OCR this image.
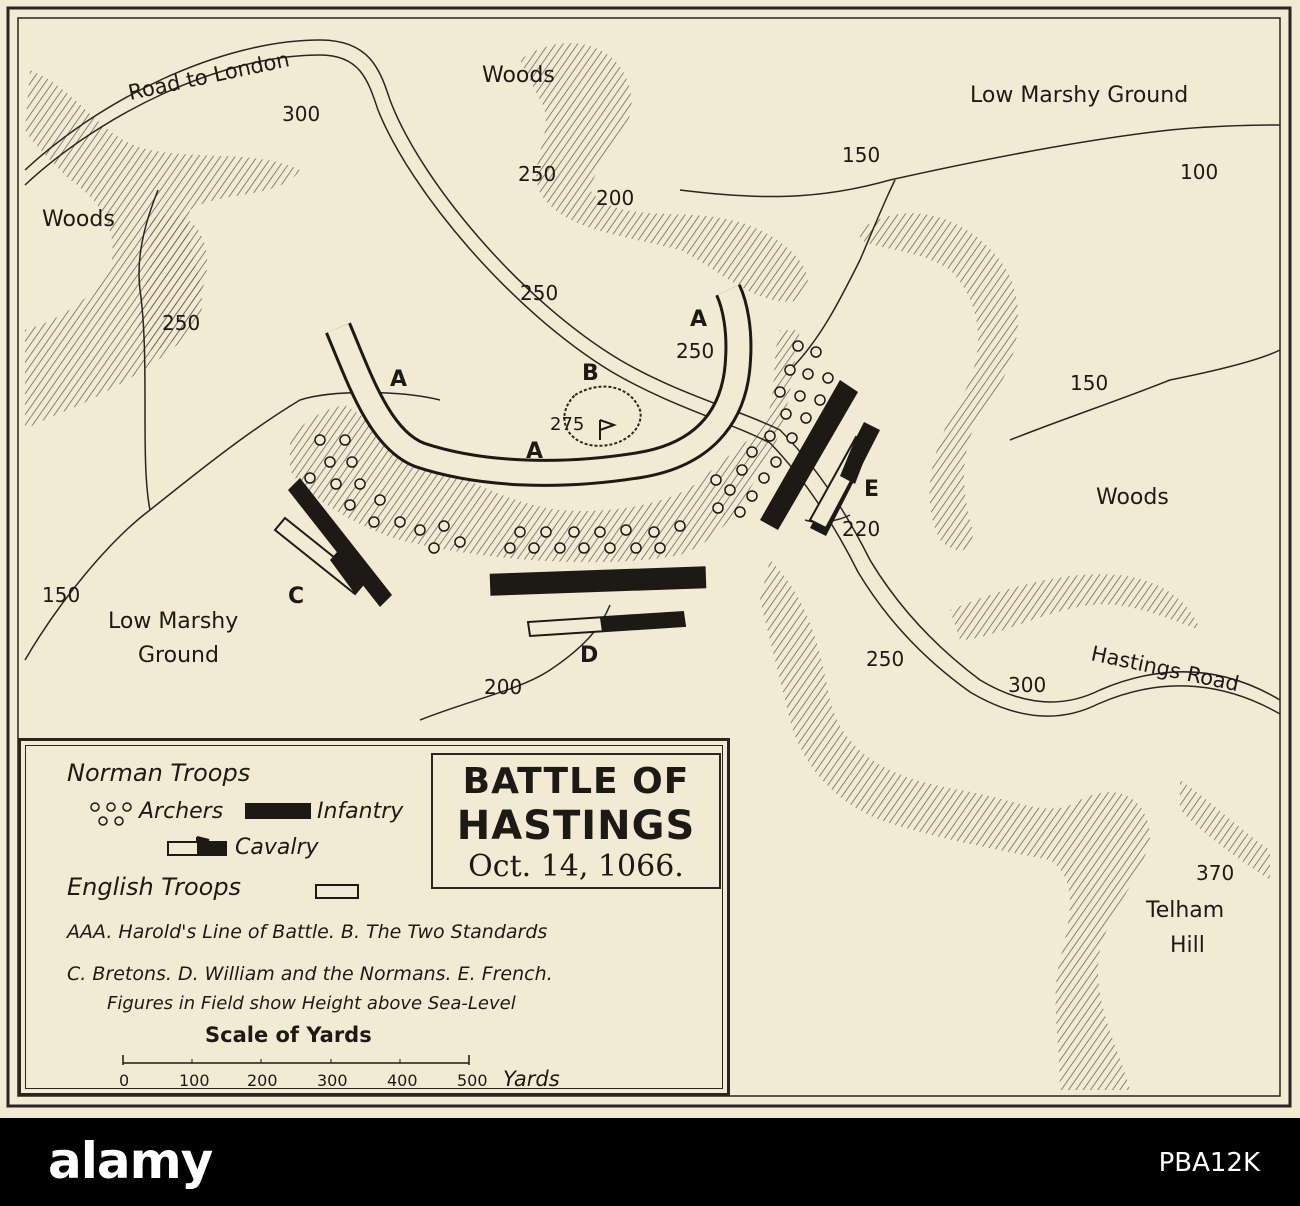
Road to London	Woods
Woods
Woods
Low Marshy Ground
Low Marshy
Ground	Hastings Road
Telham
Hill
300
250
200
150
100
250
250
250
275
150
220
150
200
250
300
370
A
A
A
B
C
D
E
Norman Troops
Archers	Infantry
Cavalry
English Troops
AAA. Harold's Line of Battle. B. The Two Standards
C. Bretons. D. William and the Normans. E. French.
Figures in Field show Height above Sea-Level
Scale of Yards
0	100 200 300 400 500 Yards
BATTLE OF
HASTINGS
Oct. 14, 1066.
alamy	PBA12K
